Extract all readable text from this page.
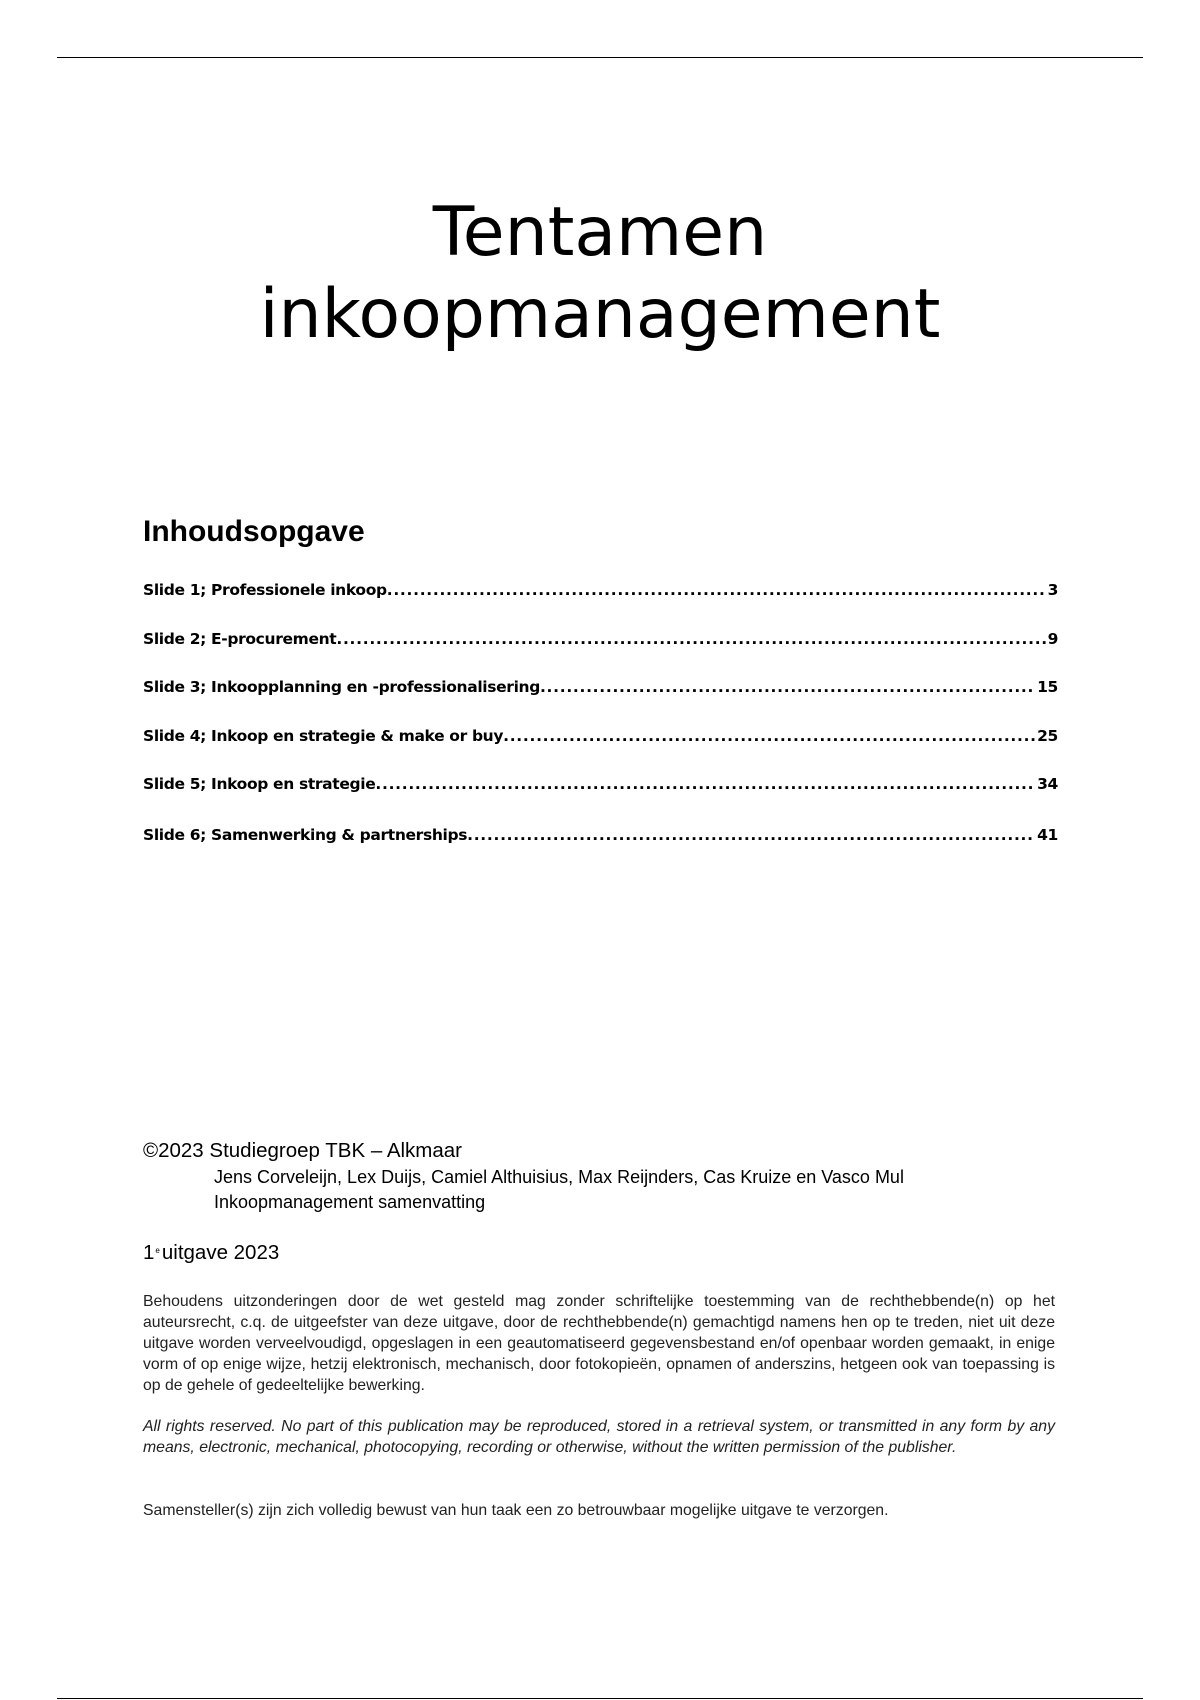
Tentamen
inkoopmanagement
Inhoudsopgave
Slide 1; Professionele inkoop .....	3
Slide 2; E-procurement .....	9
Slide 3; Inkoopplanning en -professionalisering .....	15
Slide 4; Inkoop en strategie & make or buy .....	25
Slide 5; Inkoop en strategie .....	34
Slide 6; Samenwerking & partnerships .....	41
©2023 Studiegroep TBK – Alkmaar
Jens Corveleijn, Lex Duijs, Camiel Althuisius, Max Reijnders, Cas Kruize en Vasco Mul
Inkoopmanagement samenvatting
1euitgave 2023

Behoudens uitzonderingen door de wet gesteld mag zonder schriftelijke toestemming van de rechthebbende(n) op het auteursrecht, c.q. de uitgeefster van deze uitgave, door de rechthebbende(n) gemachtigd namens hen op te treden, niet uit deze uitgave worden verveelvoudigd, opgeslagen in een geautomatiseerd gegevensbestand en/of openbaar worden gemaakt, in enige vorm of op enige wijze, hetzij elektronisch, mechanisch, door fotokopieën, opnamen of anderszins, hetgeen ook van toepassing is op de gehele of gedeeltelijke bewerking.

All rights reserved. No part of this publication may be reproduced, stored in a retrieval system, or transmitted in any form by any means, electronic, mechanical, photocopying, recording or otherwise, without the written permission of the publisher.

Samensteller(s) zijn zich volledig bewust van hun taak een zo betrouwbaar mogelijke uitgave te verzorgen.
